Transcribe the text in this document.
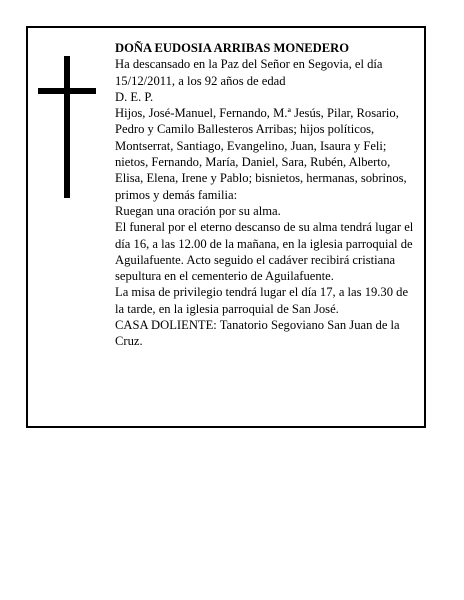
DOÑA EUDOSIA ARRIBAS MONEDERO

Ha descansado en la Paz del Señor en Segovia, el día 15/12/2011, a los 92 años de edad

D. E. P.

Hijos, José-Manuel, Fernando, M.ª Jesús, Pilar, Rosario, Pedro y Camilo Ballesteros Arribas; hijos políticos, Montserrat, Santiago, Evangelino, Juan, Isaura y Feli; nietos, Fernando, María, Daniel, Sara, Rubén, Alberto, Elisa, Elena, Irene y Pablo; bisnietos, hermanas, sobrinos, primos y demás familia:

Ruegan una oración por su alma.

El funeral por el eterno descanso de su alma tendrá lugar el día 16, a las 12.00 de la mañana, en la iglesia parroquial de Aguilafuente. Acto seguido el cadáver recibirá cristiana sepultura en el cementerio de Aguilafuente.

La misa de privilegio tendrá lugar el día 17, a las 19.30 de la tarde, en la iglesia parroquial de San José.

CASA DOLIENTE: Tanatorio Segoviano San Juan de la Cruz.
